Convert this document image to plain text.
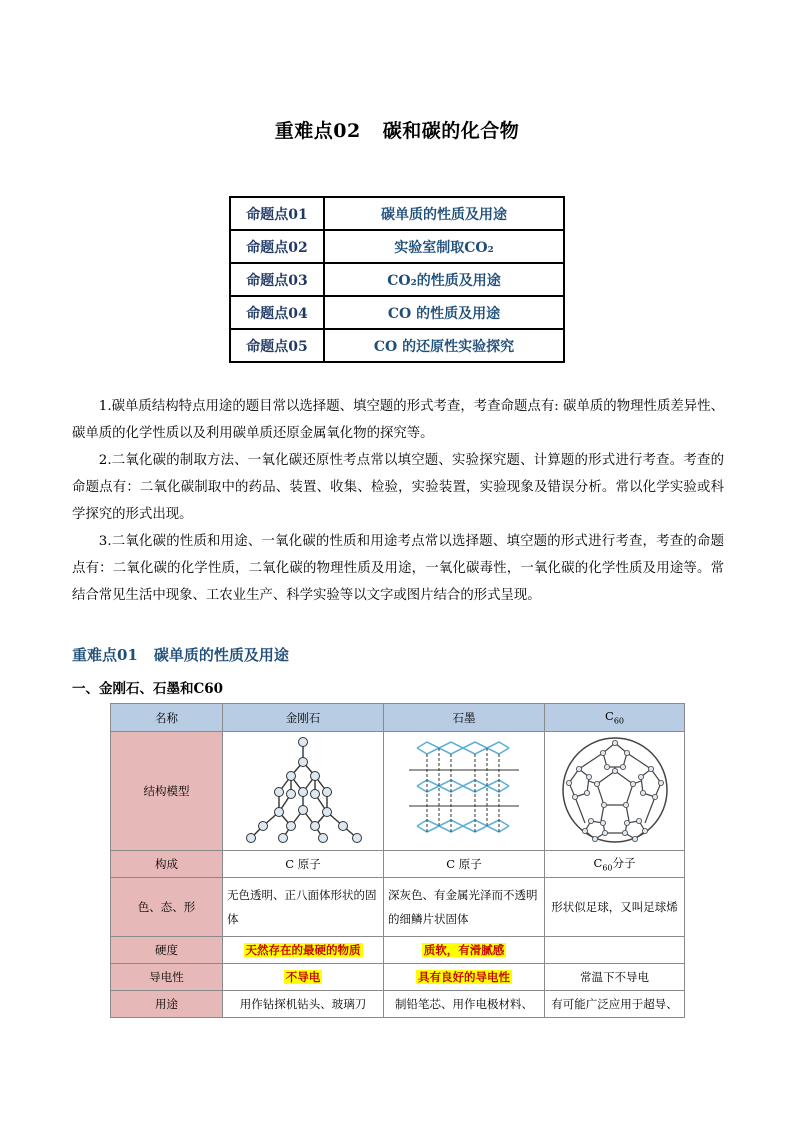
重难点02 碳和碳的化合物
命题点01	碳单质的性质及用途
命题点02	实验室制取CO₂
命题点03	CO₂的性质及用途
命题点04	CO 的性质及用途
命题点05	CO 的还原性实验探究
1.碳单质结构特点用途的题目常以选择题、填空题的形式考查，考查命题点有: 碳单质的物理性质差异性、碳单质的化学性质以及利用碳单质还原金属氧化物的探究等。
2.二氧化碳的制取方法、一氧化碳还原性考点常以填空题、实验探究题、计算题的形式进行考查。考查的命题点有：二氧化碳制取中的药品、装置、收集、检验，实验装置，实验现象及错误分析。常以化学实验或科学探究的形式出现。
3.二氧化碳的性质和用途、一氧化碳的性质和用途考点常以选择题、填空题的形式进行考查，考查的命题点有：二氧化碳的化学性质，二氧化碳的物理性质及用途，一氧化碳毒性，一氧化碳的化学性质及用途等。常结合常见生活中现象、工农业生产、科学实验等以文字或图片结合的形式呈现。
重难点01 碳单质的性质及用途
一、金刚石、石墨和C60
名称	金刚石	石墨	$C_{60}$
结构模型			
构成	C 原子	C 原子	$C_{60}$分子
色、态、形	无色透明、正八面体形状的固体	深灰色、有金属光泽而不透明的细鳞片状固体	形状似足球，又叫足球烯
硬度	天然存在的最硬的物质	质软，有滑腻感	
导电性	不导电	具有良好的导电性	常温下不导电
用途	用作钻探机钻头、玻璃刀	制铅笔芯、用作电极材料、	有可能广泛应用于超导、
